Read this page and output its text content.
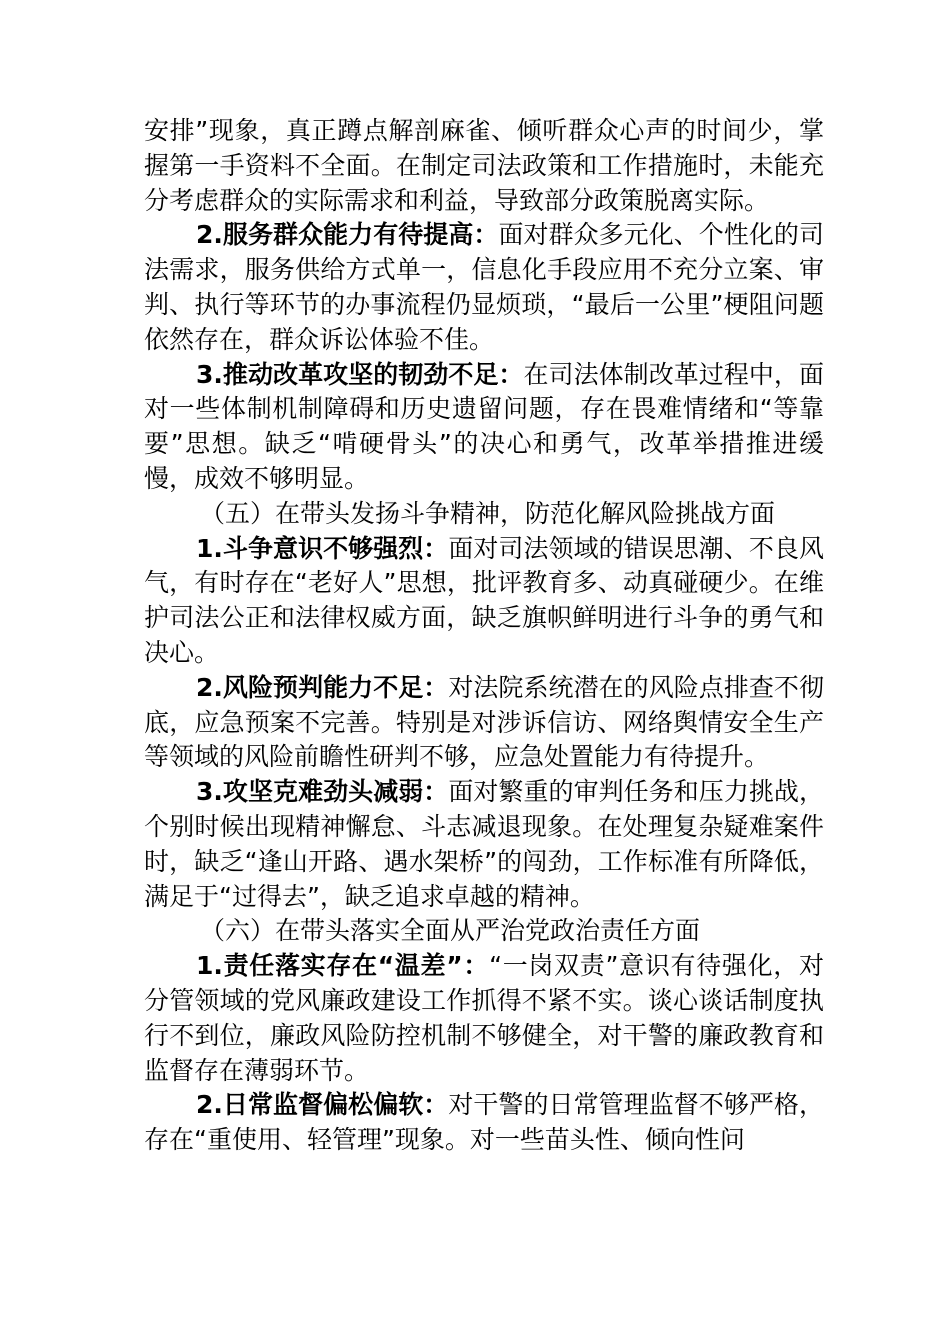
安排”现象，真正蹲点解剖麻雀、倾听群众心声的时间少，掌握第一手资料不全面。在制定司法政策和工作措施时，未能充分考虑群众的实际需求和利益，导致部分政策脱离实际。

2.服务群众能力有待提高：面对群众多元化、个性化的司法需求，服务供给方式单一，信息化手段应用不充分立案、审判、执行等环节的办事流程仍显烦琐，“最后一公里”梗阻问题依然存在，群众诉讼体验不佳。

3.推动改革攻坚的韧劲不足：在司法体制改革过程中，面对一些体制机制障碍和历史遗留问题，存在畏难情绪和“等靠要”思想。缺乏“啃硬骨头”的决心和勇气，改革举措推进缓慢，成效不够明显。

（五）在带头发扬斗争精神，防范化解风险挑战方面

1.斗争意识不够强烈：面对司法领域的错误思潮、不良风气，有时存在“老好人”思想，批评教育多、动真碰硬少。在维护司法公正和法律权威方面，缺乏旗帜鲜明进行斗争的勇气和决心。

2.风险预判能力不足：对法院系统潜在的风险点排查不彻底，应急预案不完善。特别是对涉诉信访、网络舆情安全生产等领域的风险前瞻性研判不够，应急处置能力有待提升。

3.攻坚克难劲头减弱：面对繁重的审判任务和压力挑战，个别时候出现精神懈怠、斗志减退现象。在处理复杂疑难案件时，缺乏“逢山开路、遇水架桥”的闯劲，工作标准有所降低，满足于“过得去”，缺乏追求卓越的精神。

（六）在带头落实全面从严治党政治责任方面

1.责任落实存在“温差”：“一岗双责”意识有待强化，对分管领域的党风廉政建设工作抓得不紧不实。谈心谈话制度执行不到位，廉政风险防控机制不够健全，对干警的廉政教育和监督存在薄弱环节。

2.日常监督偏松偏软：对干警的日常管理监督不够严格，存在“重使用、轻管理”现象。对一些苗头性、倾向性问
